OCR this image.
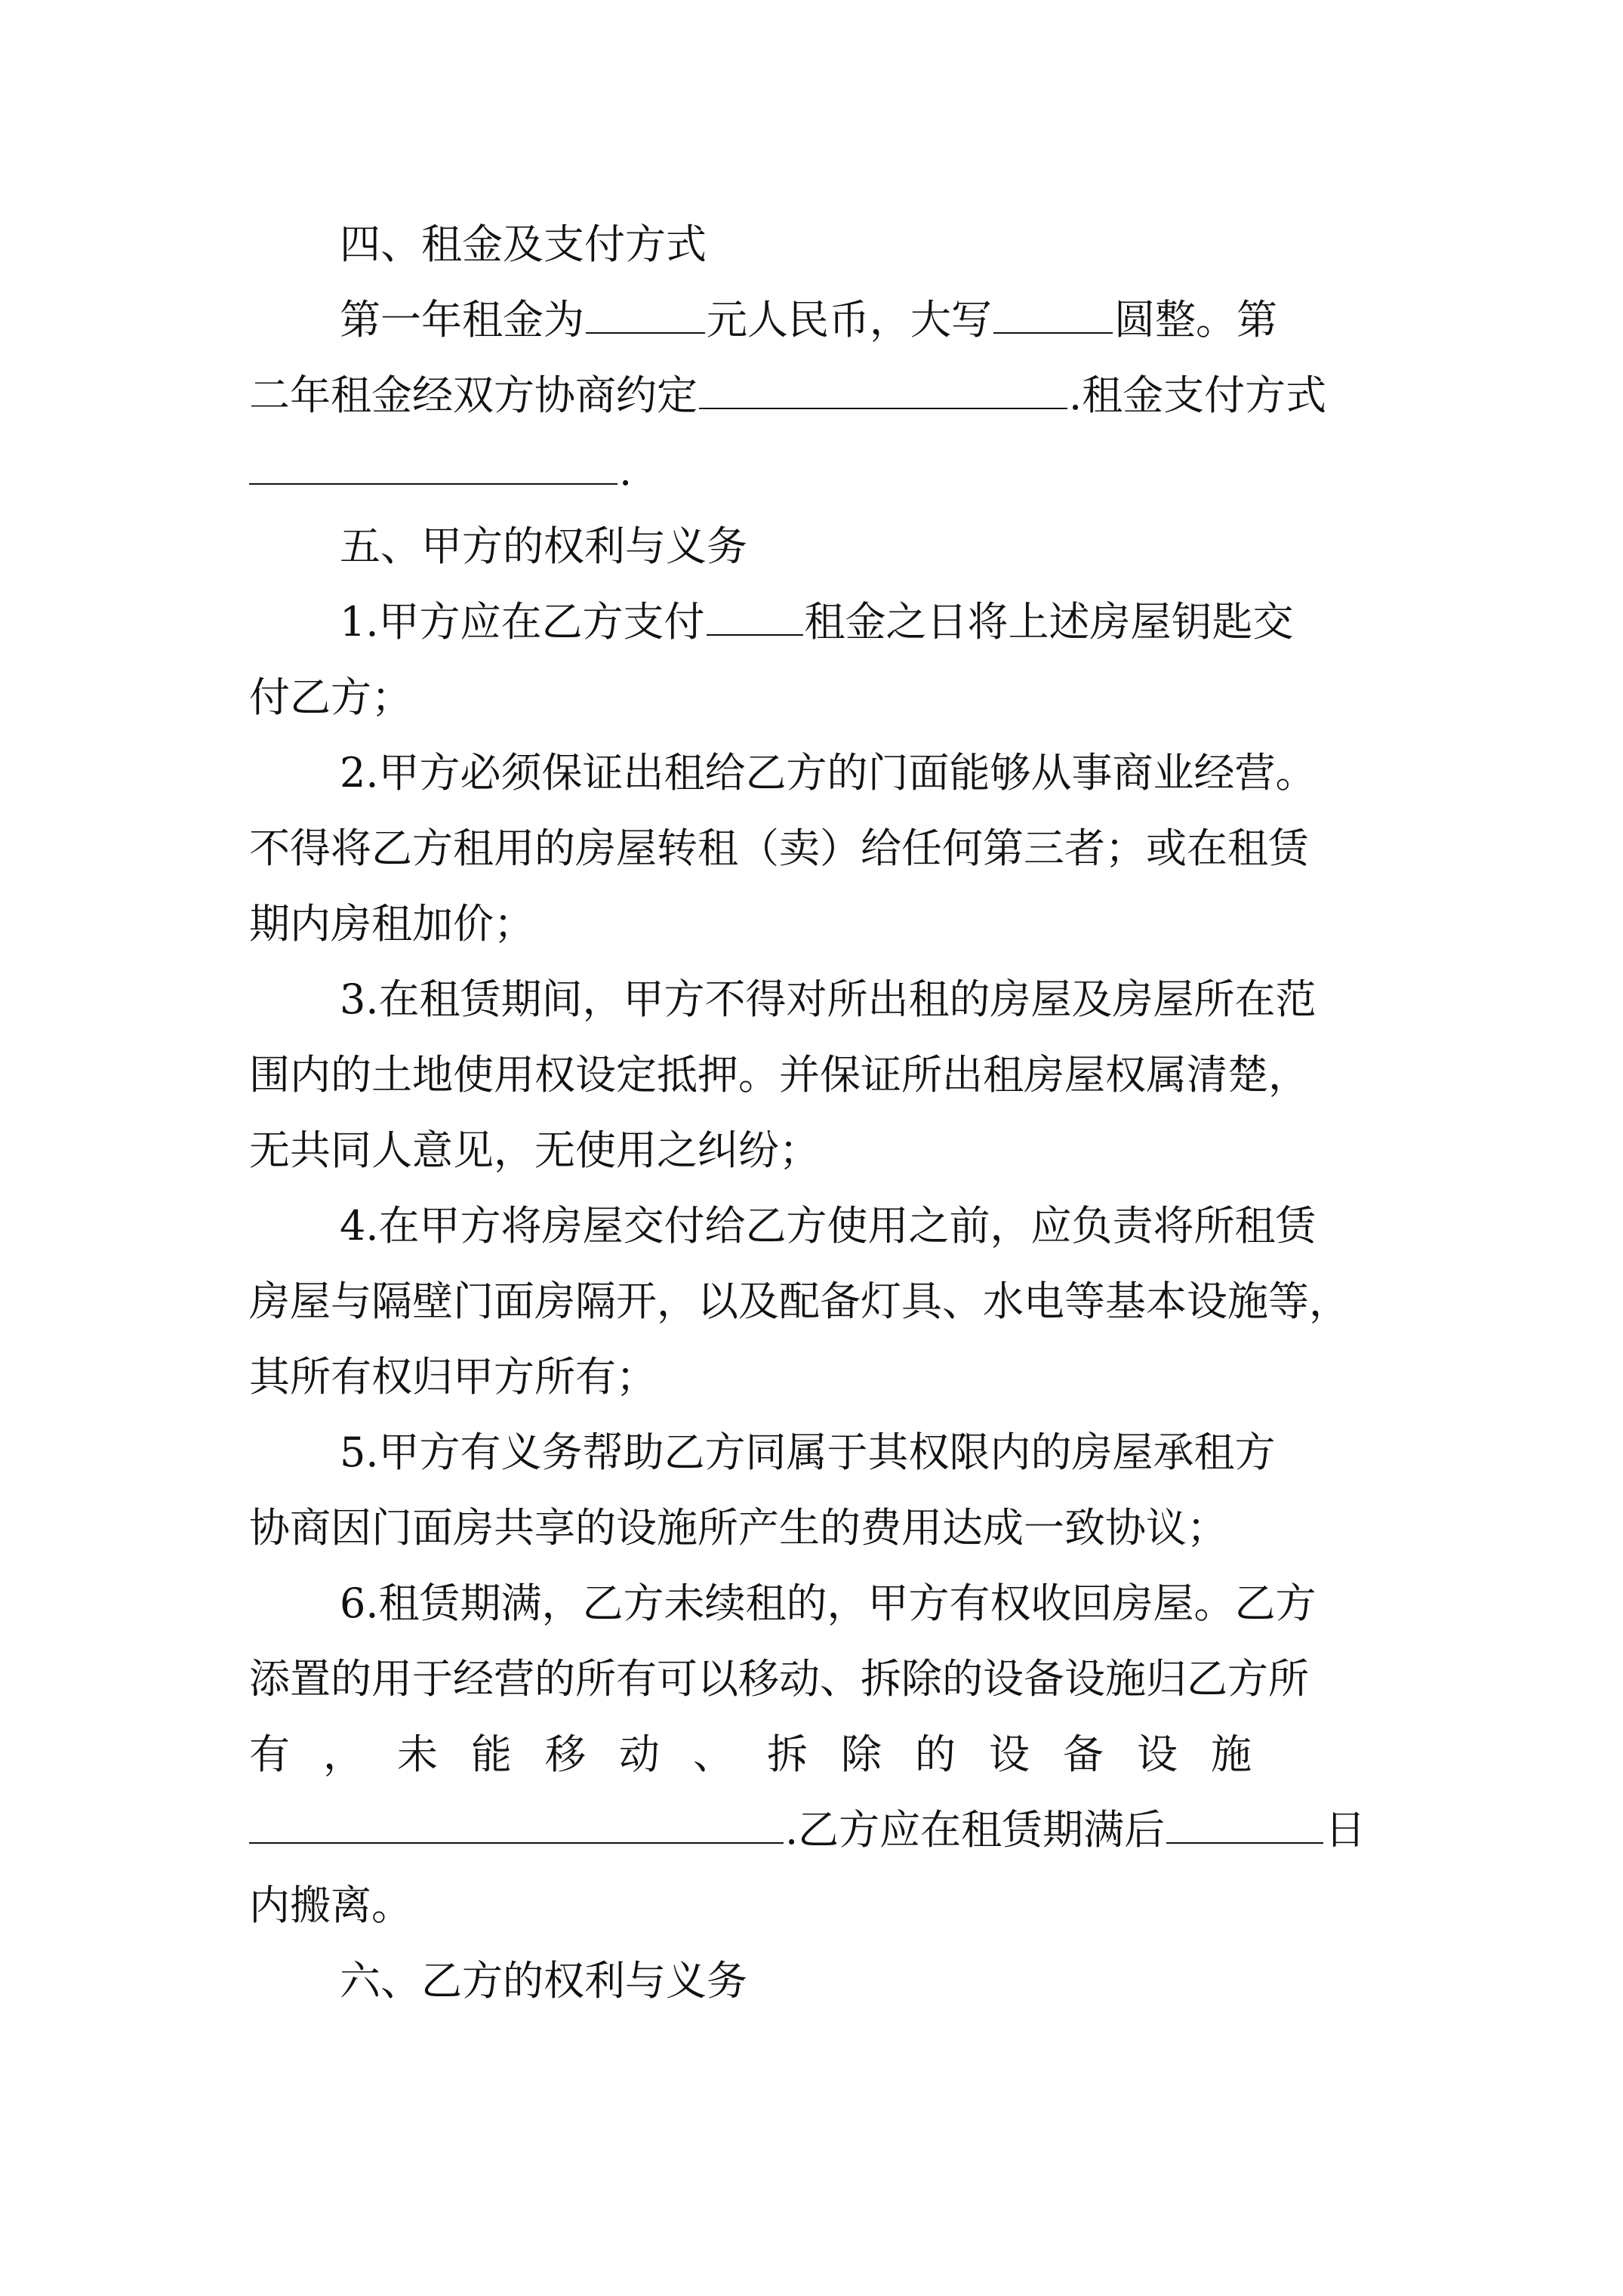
四、租金及支付方式
第一年租金为	元人民币，大写	圆整。第
二年租金经双方协商约定	.租金支付方式
.
五、甲方的权利与义务
1.甲方应在乙方支付 租金之日将上述房屋钥匙交
付乙方；
2.甲方必须保证出租给乙方的门面能够从事商业经营。
不得将乙方租用的房屋转租（卖）给任何第三者；或在租赁
期内房租加价；
3.在租赁期间，甲方不得对所出租的房屋及房屋所在范
围内的土地使用权设定抵押。并保证所出租房屋权属清楚，
无共同人意见，无使用之纠纷；
4.在甲方将房屋交付给乙方使用之前，应负责将所租赁
房屋与隔壁门面房隔开，以及配备灯具、水电等基本设施等，
其所有权归甲方所有；
5.甲方有义务帮助乙方同属于其权限内的房屋承租方
协商因门面房共享的设施所产生的费用达成一致协议；
6.租赁期满，乙方未续租的，甲方有权收回房屋。乙方
添置的用于经营的所有可以移动、拆除的设备设施归乙方所
有，未能移动、拆除的设备设施
.乙方应在租赁期满后	日
内搬离。
六、乙方的权利与义务
